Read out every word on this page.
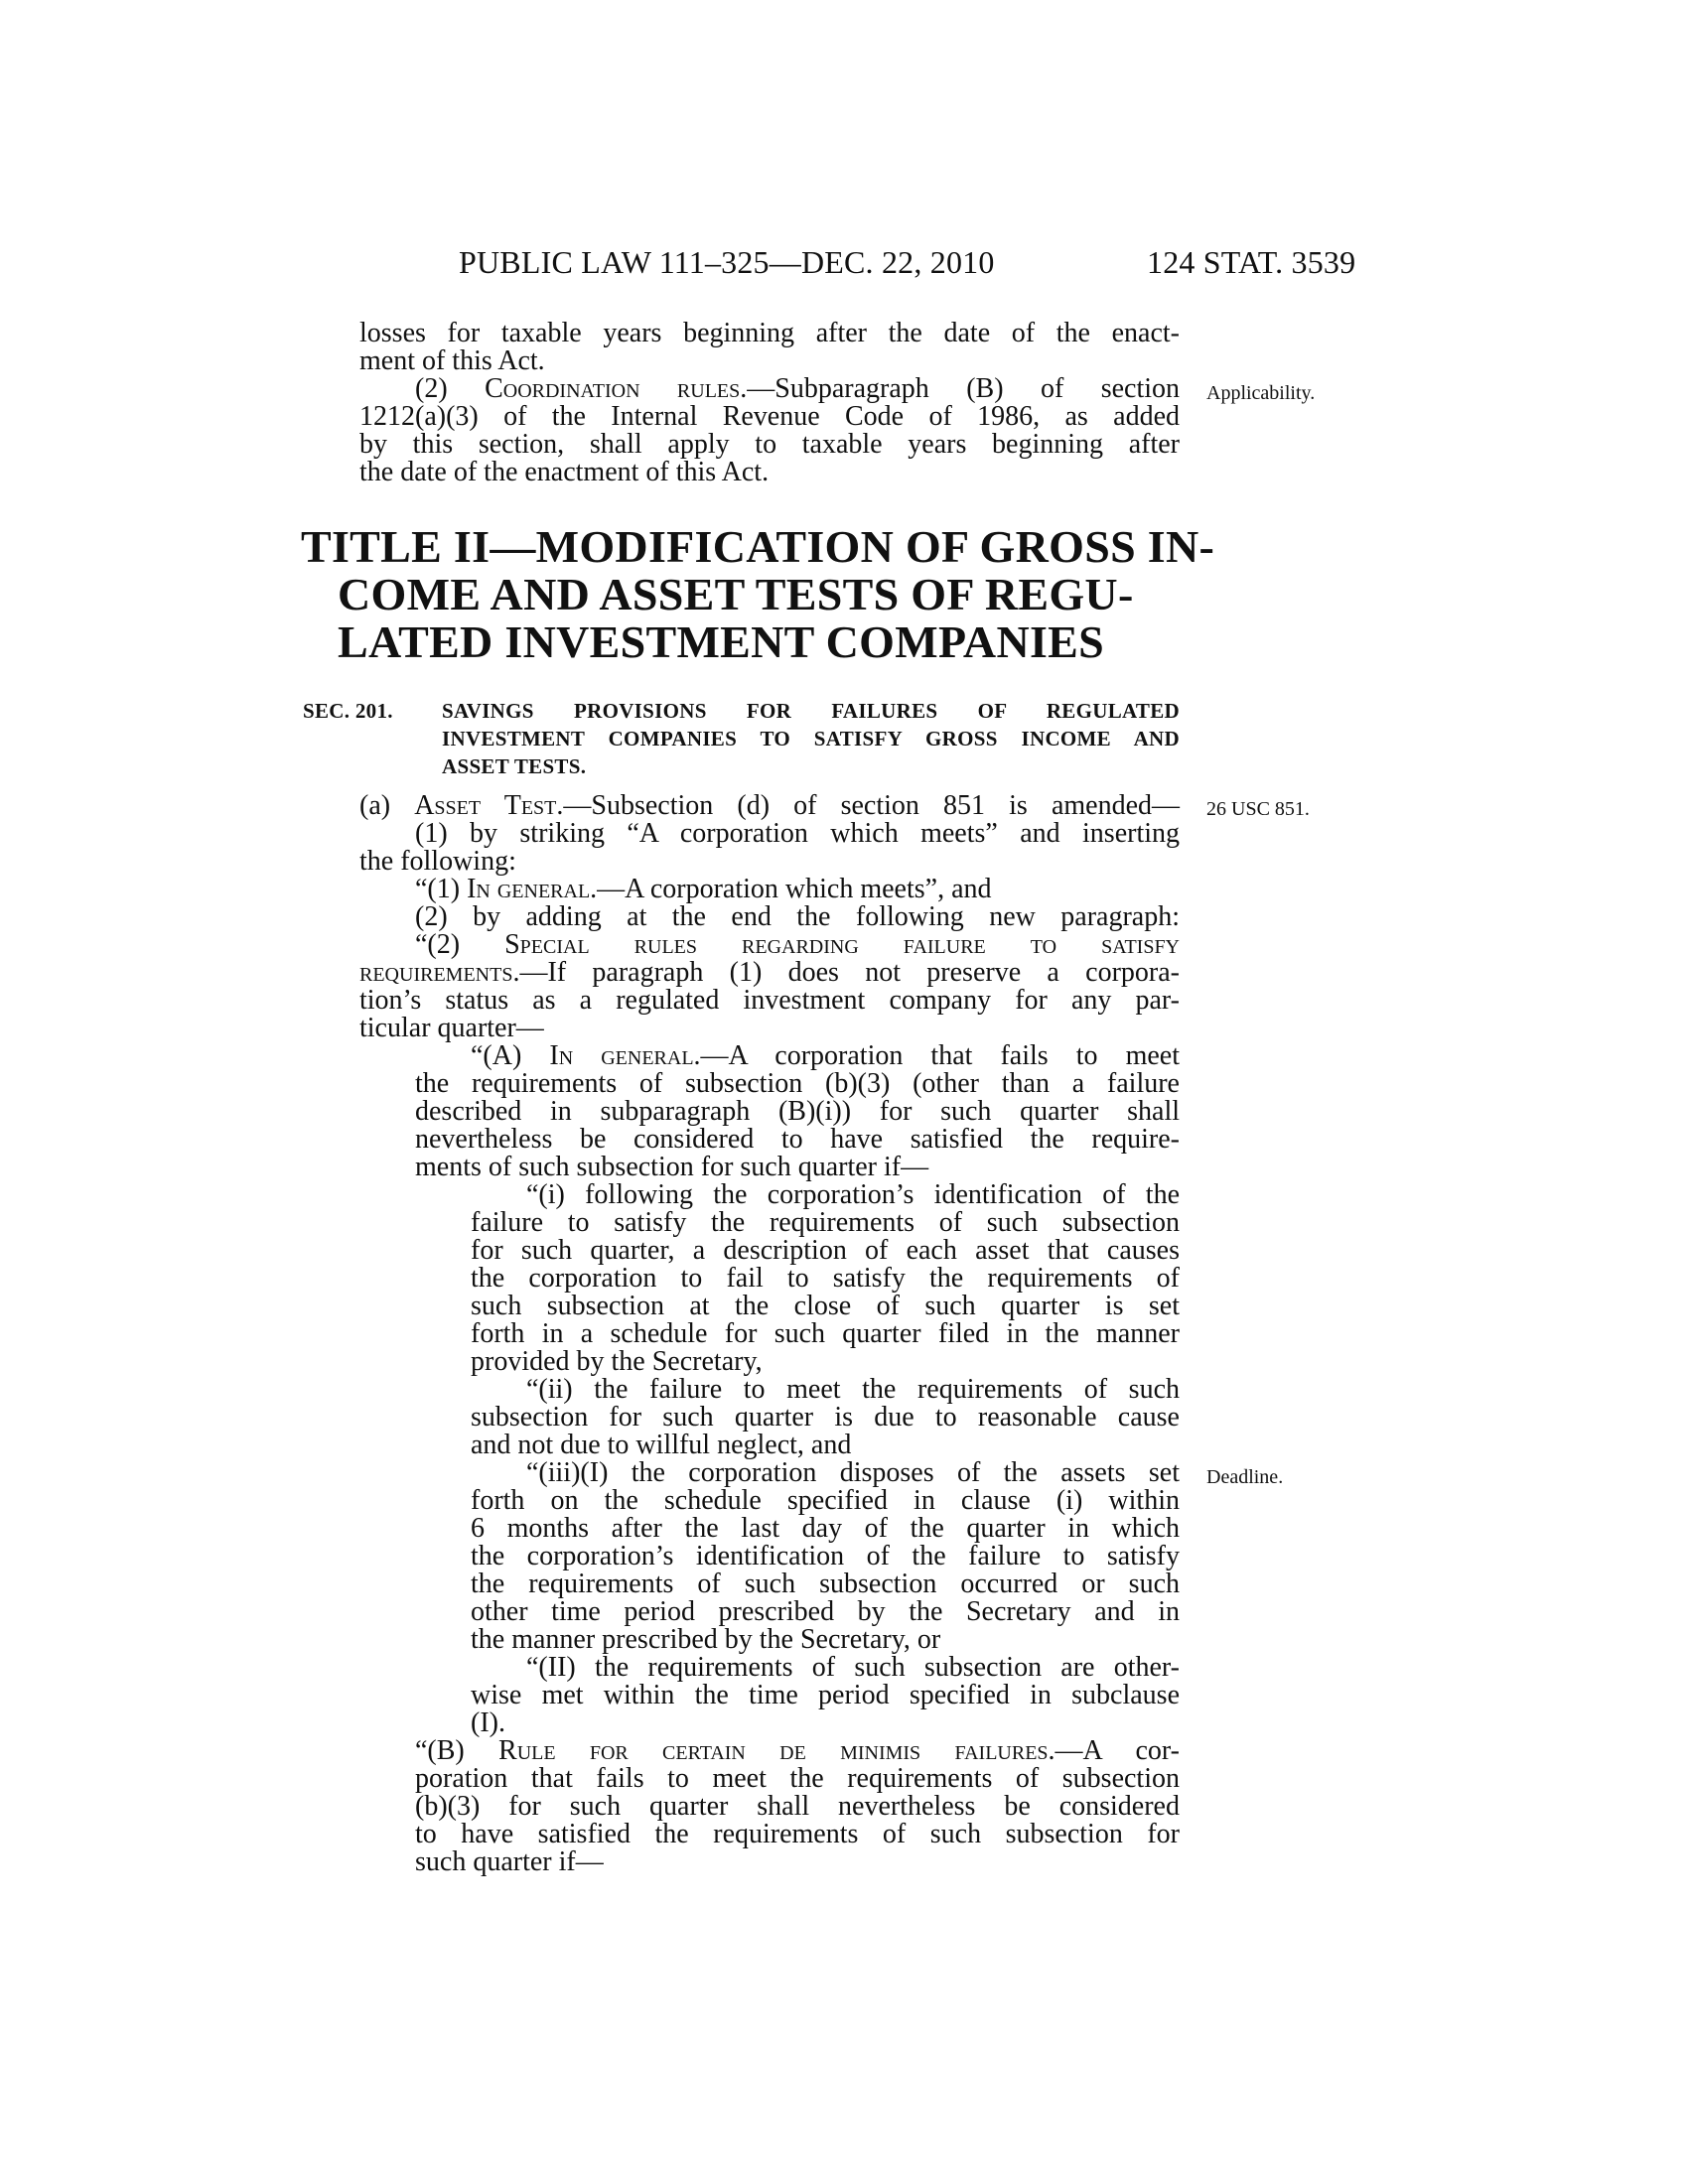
PUBLIC LAW 111–325—DEC. 22, 2010	124 STAT. 3539
losses for taxable years beginning after the date of the enact-
ment of this Act.
(2) Coordination rules.—Subparagraph (B) of section
1212(a)(3) of the Internal Revenue Code of 1986, as added
by this section, shall apply to taxable years beginning after
the date of the enactment of this Act.
Applicability.
TITLE II—MODIFICATION OF GROSS IN-
COME AND ASSET TESTS OF REGU-
LATED INVESTMENT COMPANIES
SEC. 201. SAVINGS PROVISIONS FOR FAILURES OF REGULATED
INVESTMENT COMPANIES TO SATISFY GROSS INCOME AND
ASSET TESTS.
(a) Asset Test.—Subsection (d) of section 851 is amended— 26 USC 851.
(1) by striking “A corporation which meets” and inserting
the following:
“(1) In general.—A corporation which meets”, and
(2) by adding at the end the following new paragraph:
“(2) Special rules regarding failure to satisfy
requirements.—If paragraph (1) does not preserve a corpora-
tion’s status as a regulated investment company for any par-
ticular quarter—
“(A) In general.—A corporation that fails to meet
the requirements of subsection (b)(3) (other than a failure
described in subparagraph (B)(i)) for such quarter shall
nevertheless be considered to have satisfied the require-
ments of such subsection for such quarter if—
“(i) following the corporation’s identification of the
failure to satisfy the requirements of such subsection
for such quarter, a description of each asset that causes
the corporation to fail to satisfy the requirements of
such subsection at the close of such quarter is set
forth in a schedule for such quarter filed in the manner
provided by the Secretary,
“(ii) the failure to meet the requirements of such
subsection for such quarter is due to reasonable cause
and not due to willful neglect, and
“(iii)(I) the corporation disposes of the assets set Deadline.
forth on the schedule specified in clause (i) within
6 months after the last day of the quarter in which
the corporation’s identification of the failure to satisfy
the requirements of such subsection occurred or such
other time period prescribed by the Secretary and in
the manner prescribed by the Secretary, or
“(II) the requirements of such subsection are other-
wise met within the time period specified in subclause
(I).
“(B) Rule for certain de minimis failures.—A cor-
poration that fails to meet the requirements of subsection
(b)(3) for such quarter shall nevertheless be considered
to have satisfied the requirements of such subsection for
such quarter if—
